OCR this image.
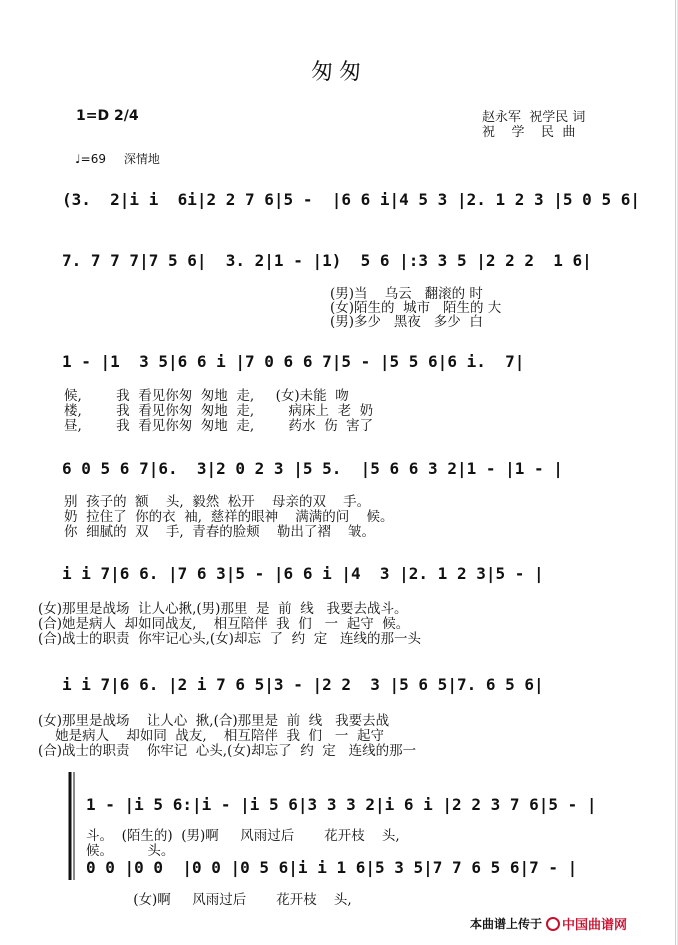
匆匆
1=D 2/4
♩=69 深情地
赵永军  祝学民 词
祝    学    民  曲
(3.  2|i i  6i|2 2 7 6|5 -  |6 6 i|4 5 3 |2. 1 2 3 |5 0 5 6|
7. 7 7 7|7 5 6|  3. 2|1 - |1)  5 6 |:3 3 5 |2 2 2  1 6|
(男)当    乌云   翻滚的 时
(女)陌生的  城市   陌生的 大
(男)多少   黑夜   多少  白
1 - |1  3 5|6 6 i |7 0 6 6 7|5 - |5 5 6|6 i.  7|
候,        我  看见你匆  匆地  走,     (女)未能  吻
楼,        我  看见你匆  匆地  走,        病床上  老  奶
昼,        我  看见你匆  匆地  走,        药水  伤  害了
6 0 5 6 7|6.  3|2 0 2 3 |5 5.  |5 6 6 3 2|1 - |1 - |
别  孩子的  额    头,  毅然  松开    母亲的双    手。
奶  拉住了  你的衣  袖,  慈祥的眼神    满满的问    候。
你  细腻的  双    手,  青春的脸颊    勒出了褶    皱。
i i 7|6 6. |7 6 3|5 - |6 6 i |4  3 |2. 1 2 3|5 - |
(女)那里是战场  让人心揪,(男)那里  是  前  线   我要去战斗。
(合)她是病人  却如同战友,    相互陪伴  我  们   一  起守  候。
(合)战士的职责  你牢记心头,(女)却忘  了  约  定   连线的那一头
i i 7|6 6. |2 i 7 6 5|3 - |2 2  3 |5 6 5|7. 6 5 6|
(女)那里是战场    让人心  揪,(合)那里是  前  线   我要去战
她是病人    却如同  战友,    相互陪伴  我  们   一  起守
(合)战士的职责    你牢记  心头,(女)却忘了  约  定   连线的那一
1 - |i 5 6:|i - |i 5 6|3 3 3 2|i 6 i |2 2 3 7 6|5 - |
斗。  (陌生的)  (男)啊     风雨过后       花开枝    头,
候。        头。
0 0 |0 0  |0 0 |0 5 6|i i 1 6|5 3 5|7 7 6 5 6|7 - |
(女)啊     风雨过后       花开枝    头,
本曲谱上传于 中国曲谱网
